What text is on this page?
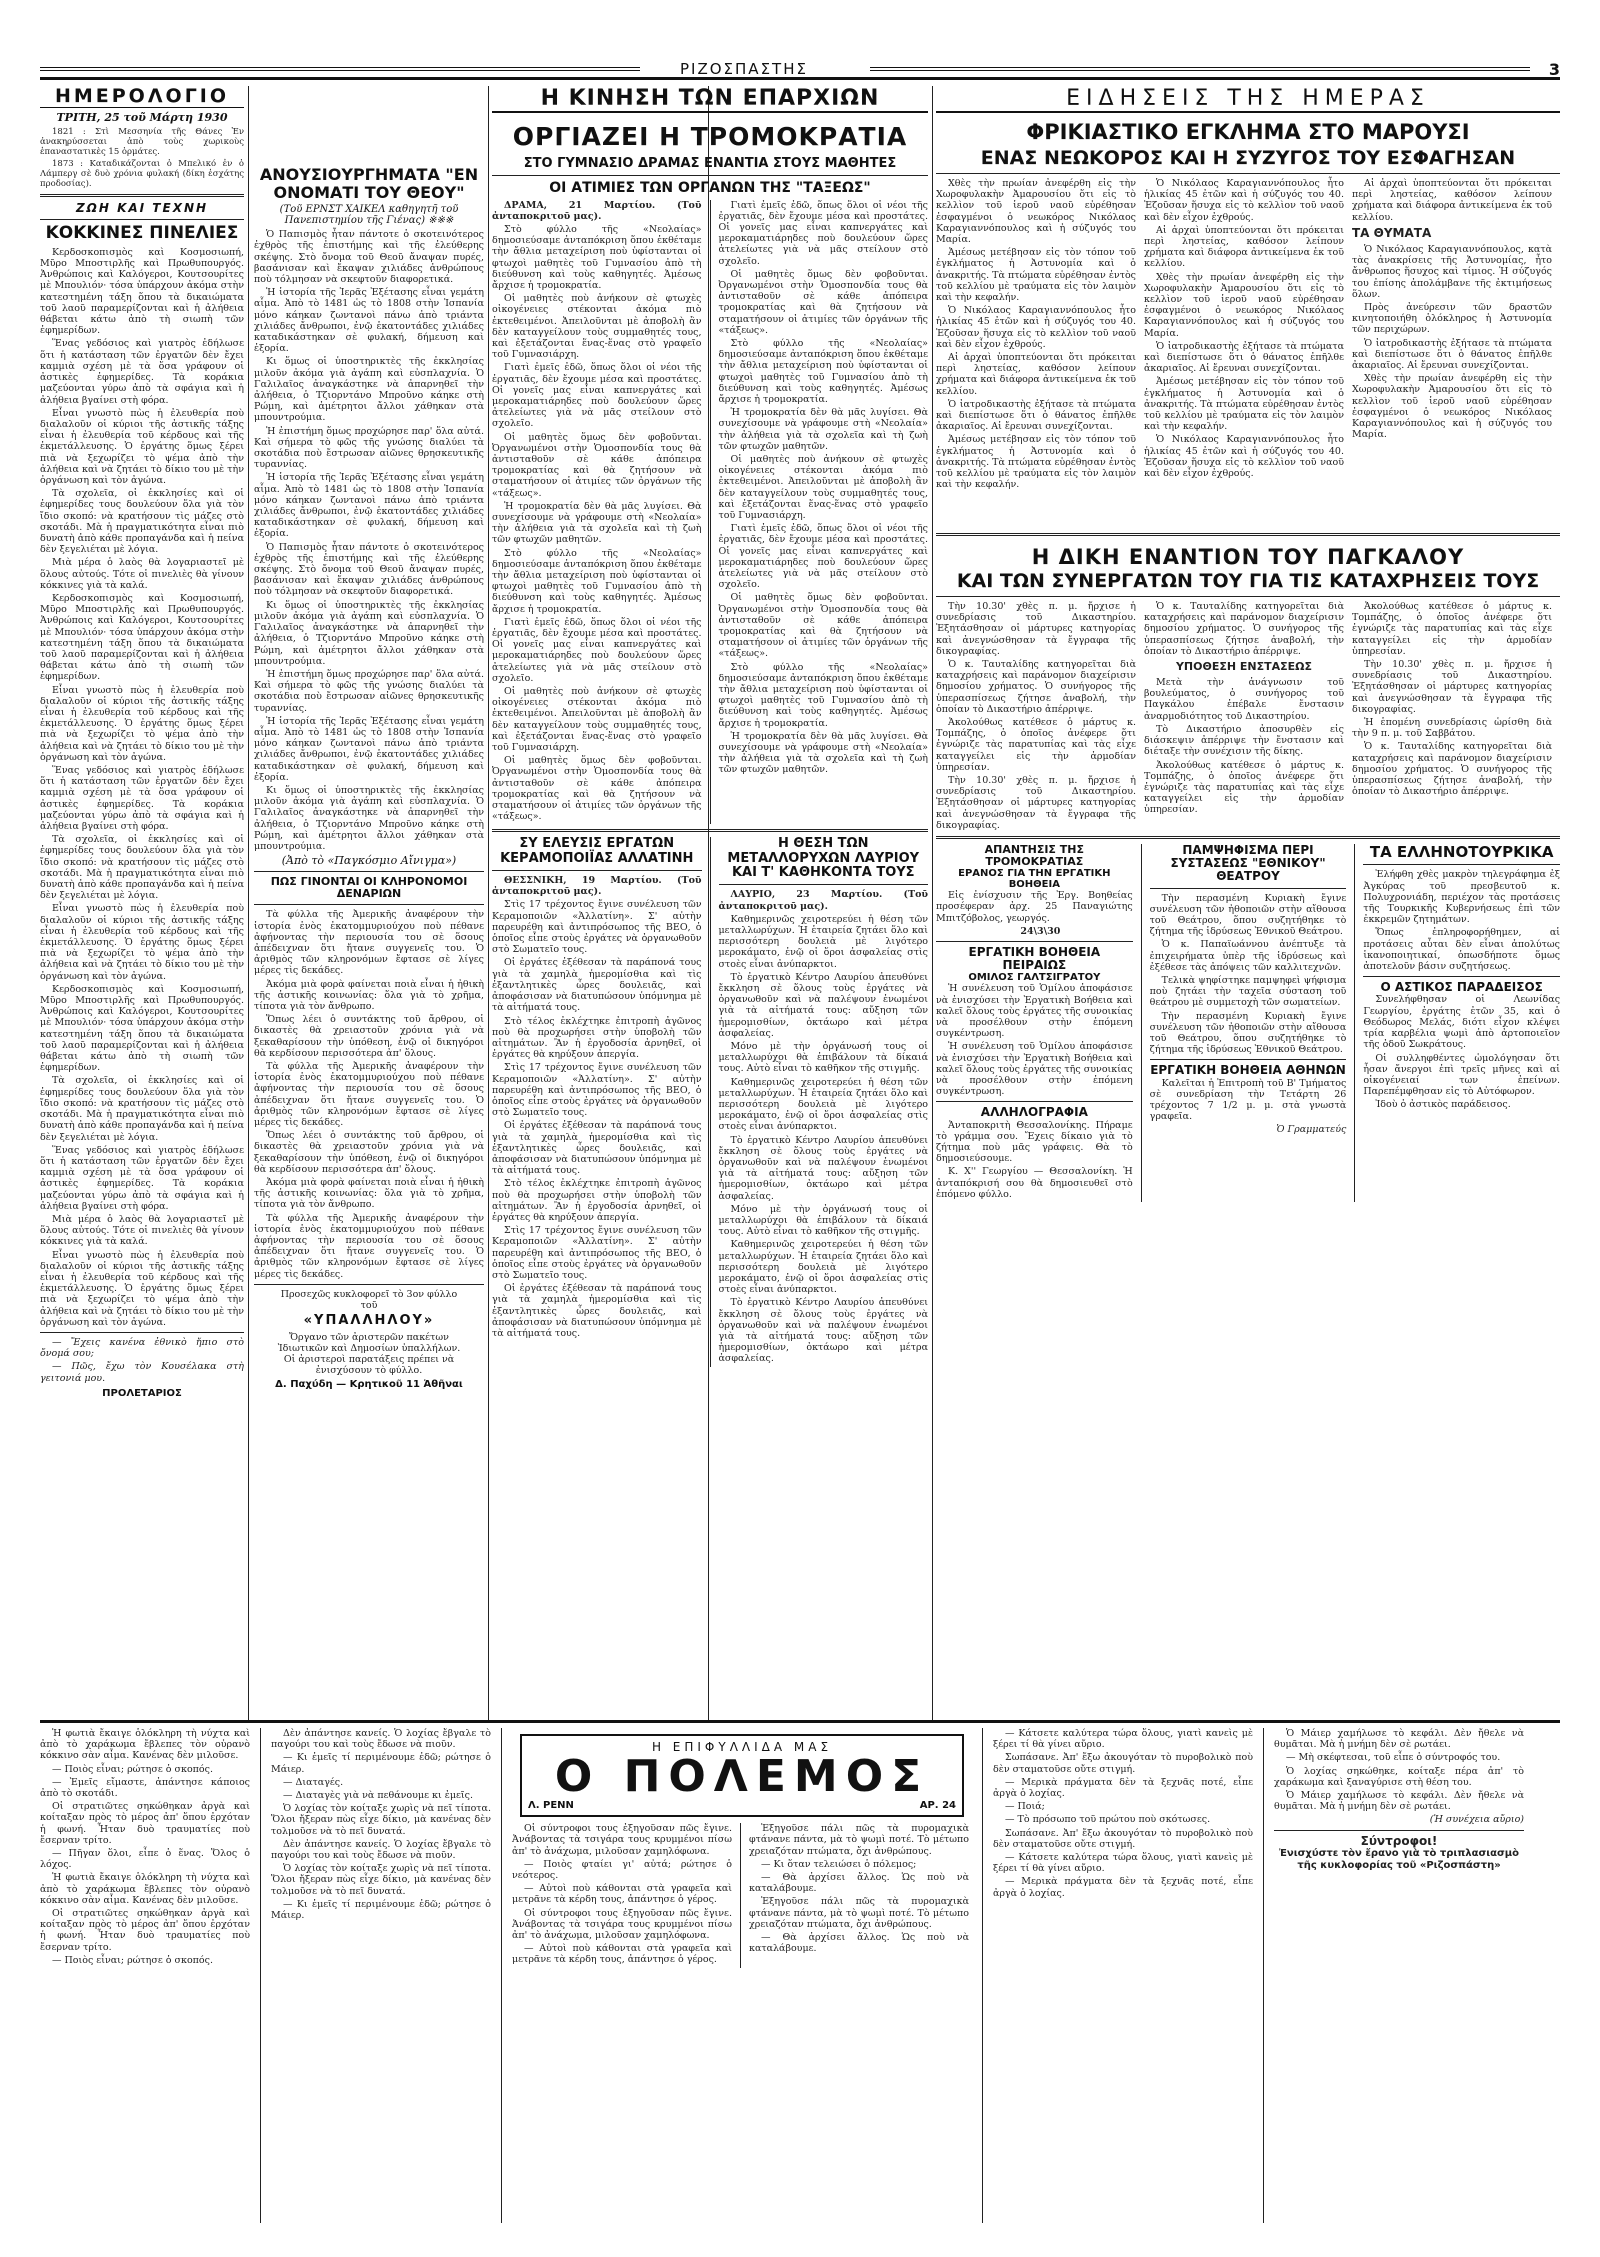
ΡΙΖΟΣΠΑΣΤΗΣ	3
ΗΜΕΡΟΛΟΓΙΟ
ΤΡΙΤΗ, 25 τοῦ Μάρτη 1930

1821 : Στὶ Μεσσηνία τῆς Θάνες Ἐν ἀνακηρύσσεται ἀπὸ τοὺς χωρικοὺς ἐπαναστατικὲς 15 ὁρμάτες.

1873 : Καταδικάζονται ὁ Μπελικό ἐν ὁ Λάμπεργ σὲ δυὸ χρόνια φυλακή (δίκη ἐσχάτης προδοσίας).

ΖΩΗ ΚΑΙ ΤΕΧΝΗ
ΚΟΚΚΙΝΕΣ ΠΙΝΕΛΙΕΣ

Κερδοσκοπισμὸς καὶ Κοσμοσιωπή, Μῦρο Μποστιρλῆς καὶ Πρωθυπουργός. Ἀνθρώποις καὶ Καλόγεροι, Κουτσουρίτες μὲ Μπουλιόν· τόσα ὑπάρχουν ἀκόμα στὴν κατεστημένη τάξη ὅπου τὰ δικαιώματα τοῦ λαοῦ παραμερίζονται καὶ ἡ ἀλήθεια θάβεται κάτω ἀπὸ τὴ σιωπὴ τῶν ἐφημερίδων.

Ἕνας γεδόσιος καὶ γιατρὸς ἐδήλωσε ὅτι ἡ κατάσταση τῶν ἐργατῶν δὲν ἔχει καμμιὰ σχέση μὲ τὰ ὅσα γράφουν οἱ ἀστικὲς ἐφημερίδες. Τὰ κοράκια μαζεύονται γύρω ἀπὸ τὰ σφάγια καὶ ἡ ἀλήθεια βγαίνει στὴ φόρα.

Εἶναι γνωστὸ πὼς ἡ ἐλευθερία ποὺ διαλαλοῦν οἱ κύριοι τῆς ἀστικῆς τάξης εἶναι ἡ ἐλευθερία τοῦ κέρδους καὶ τῆς ἐκμετάλλευσης. Ὁ ἐργάτης ὅμως ξέρει πιὰ νὰ ξεχωρίζει τὸ ψέμα ἀπὸ τὴν ἀλήθεια καὶ νὰ ζητάει τὸ δίκιο του μὲ τὴν ὀργάνωση καὶ τὸν ἀγώνα.

Τὰ σχολεῖα, οἱ ἐκκλησίες καὶ οἱ ἐφημερίδες τους δουλεύουν ὅλα γιὰ τὸν ἴδιο σκοπό: νὰ κρατήσουν τὶς μάζες στὸ σκοτάδι. Μὰ ἡ πραγματικότητα εἶναι πιὸ δυνατὴ ἀπὸ κάθε προπαγάνδα καὶ ἡ πείνα δὲν ξεγελιέται μὲ λόγια.

Μιὰ μέρα ὁ λαὸς θὰ λογαριαστεῖ μὲ ὅλους αὐτούς. Τότε οἱ πινελιὲς θὰ γίνουν κόκκινες γιὰ τὰ καλά.

Κερδοσκοπισμὸς καὶ Κοσμοσιωπή, Μῦρο Μποστιρλῆς καὶ Πρωθυπουργός. Ἀνθρώποις καὶ Καλόγεροι, Κουτσουρίτες μὲ Μπουλιόν· τόσα ὑπάρχουν ἀκόμα στὴν κατεστημένη τάξη ὅπου τὰ δικαιώματα τοῦ λαοῦ παραμερίζονται καὶ ἡ ἀλήθεια θάβεται κάτω ἀπὸ τὴ σιωπὴ τῶν ἐφημερίδων.

Εἶναι γνωστὸ πὼς ἡ ἐλευθερία ποὺ διαλαλοῦν οἱ κύριοι τῆς ἀστικῆς τάξης εἶναι ἡ ἐλευθερία τοῦ κέρδους καὶ τῆς ἐκμετάλλευσης. Ὁ ἐργάτης ὅμως ξέρει πιὰ νὰ ξεχωρίζει τὸ ψέμα ἀπὸ τὴν ἀλήθεια καὶ νὰ ζητάει τὸ δίκιο του μὲ τὴν ὀργάνωση καὶ τὸν ἀγώνα.

Ἕνας γεδόσιος καὶ γιατρὸς ἐδήλωσε ὅτι ἡ κατάσταση τῶν ἐργατῶν δὲν ἔχει καμμιὰ σχέση μὲ τὰ ὅσα γράφουν οἱ ἀστικὲς ἐφημερίδες. Τὰ κοράκια μαζεύονται γύρω ἀπὸ τὰ σφάγια καὶ ἡ ἀλήθεια βγαίνει στὴ φόρα.

Τὰ σχολεῖα, οἱ ἐκκλησίες καὶ οἱ ἐφημερίδες τους δουλεύουν ὅλα γιὰ τὸν ἴδιο σκοπό: νὰ κρατήσουν τὶς μάζες στὸ σκοτάδι. Μὰ ἡ πραγματικότητα εἶναι πιὸ δυνατὴ ἀπὸ κάθε προπαγάνδα καὶ ἡ πείνα δὲν ξεγελιέται μὲ λόγια.

Εἶναι γνωστὸ πὼς ἡ ἐλευθερία ποὺ διαλαλοῦν οἱ κύριοι τῆς ἀστικῆς τάξης εἶναι ἡ ἐλευθερία τοῦ κέρδους καὶ τῆς ἐκμετάλλευσης. Ὁ ἐργάτης ὅμως ξέρει πιὰ νὰ ξεχωρίζει τὸ ψέμα ἀπὸ τὴν ἀλήθεια καὶ νὰ ζητάει τὸ δίκιο του μὲ τὴν ὀργάνωση καὶ τὸν ἀγώνα.

Κερδοσκοπισμὸς καὶ Κοσμοσιωπή, Μῦρο Μποστιρλῆς καὶ Πρωθυπουργός. Ἀνθρώποις καὶ Καλόγεροι, Κουτσουρίτες μὲ Μπουλιόν· τόσα ὑπάρχουν ἀκόμα στὴν κατεστημένη τάξη ὅπου τὰ δικαιώματα τοῦ λαοῦ παραμερίζονται καὶ ἡ ἀλήθεια θάβεται κάτω ἀπὸ τὴ σιωπὴ τῶν ἐφημερίδων.

Τὰ σχολεῖα, οἱ ἐκκλησίες καὶ οἱ ἐφημερίδες τους δουλεύουν ὅλα γιὰ τὸν ἴδιο σκοπό: νὰ κρατήσουν τὶς μάζες στὸ σκοτάδι. Μὰ ἡ πραγματικότητα εἶναι πιὸ δυνατὴ ἀπὸ κάθε προπαγάνδα καὶ ἡ πείνα δὲν ξεγελιέται μὲ λόγια.

Ἕνας γεδόσιος καὶ γιατρὸς ἐδήλωσε ὅτι ἡ κατάσταση τῶν ἐργατῶν δὲν ἔχει καμμιὰ σχέση μὲ τὰ ὅσα γράφουν οἱ ἀστικὲς ἐφημερίδες. Τὰ κοράκια μαζεύονται γύρω ἀπὸ τὰ σφάγια καὶ ἡ ἀλήθεια βγαίνει στὴ φόρα.

Μιὰ μέρα ὁ λαὸς θὰ λογαριαστεῖ μὲ ὅλους αὐτούς. Τότε οἱ πινελιὲς θὰ γίνουν κόκκινες γιὰ τὰ καλά.

Εἶναι γνωστὸ πὼς ἡ ἐλευθερία ποὺ διαλαλοῦν οἱ κύριοι τῆς ἀστικῆς τάξης εἶναι ἡ ἐλευθερία τοῦ κέρδους καὶ τῆς ἐκμετάλλευσης. Ὁ ἐργάτης ὅμως ξέρει πιὰ νὰ ξεχωρίζει τὸ ψέμα ἀπὸ τὴν ἀλήθεια καὶ νὰ ζητάει τὸ δίκιο του μὲ τὴν ὀργάνωση καὶ τὸν ἀγώνα.

— Ἔχεις κανένα ἐθνικὸ ἤπιο στὸ ὄνομά σου;

— Πῶς, ἔχω τὸν Κουσέλακα στὴ γειτονιά μου.

ΠΡΟΛΕΤΑΡΙΟΣ
ΑΝΟΥΣΙΟΥΡΓΗΜΑΤΑ "ΕΝ ΟΝΟΜΑΤΙ ΤΟΥ ΘΕΟΥ"
(Τοῦ ΕΡΝΣΤ ΧΑΙΚΕΛ καθηγητῆ τοῦ Πανεπιστημίου τῆς Γιένας) ※※※

Ὁ Παπισμὸς ἦταν πάντοτε ὁ σκοτεινότερος ἐχθρὸς τῆς ἐπιστήμης καὶ τῆς ἐλεύθερης σκέψης. Στὸ ὄνομα τοῦ Θεοῦ ἄναψαν πυρές, βασάνισαν καὶ ἔκαψαν χιλιάδες ἀνθρώπους ποὺ τόλμησαν νὰ σκεφτοῦν διαφορετικά.

Ἡ ἱστορία τῆς Ἱερᾶς Ἐξέτασης εἶναι γεμάτη αἷμα. Ἀπὸ τὸ 1481 ὡς τὸ 1808 στὴν Ἰσπανία μόνο κάηκαν ζωντανοὶ πάνω ἀπὸ τριάντα χιλιάδες ἄνθρωποι, ἐνῷ ἑκατοντάδες χιλιάδες καταδικάστηκαν σὲ φυλακή, δήμευση καὶ ἐξορία.

Κι ὅμως οἱ ὑποστηρικτὲς τῆς ἐκκλησίας μιλοῦν ἀκόμα γιὰ ἀγάπη καὶ εὐσπλαχνία. Ὁ Γαλιλαῖος ἀναγκάστηκε νὰ ἀπαρνηθεῖ τὴν ἀλήθεια, ὁ Τζιορντάνο Μπροῦνο κάηκε στὴ Ρώμη, καὶ ἀμέτρητοι ἄλλοι χάθηκαν στὰ μπουντρούμια.

Ἡ ἐπιστήμη ὅμως προχώρησε παρ' ὅλα αὐτά. Καὶ σήμερα τὸ φῶς τῆς γνώσης διαλύει τὰ σκοτάδια ποὺ ἔστρωσαν αἰῶνες θρησκευτικῆς τυραννίας.

Ἡ ἱστορία τῆς Ἱερᾶς Ἐξέτασης εἶναι γεμάτη αἷμα. Ἀπὸ τὸ 1481 ὡς τὸ 1808 στὴν Ἰσπανία μόνο κάηκαν ζωντανοὶ πάνω ἀπὸ τριάντα χιλιάδες ἄνθρωποι, ἐνῷ ἑκατοντάδες χιλιάδες καταδικάστηκαν σὲ φυλακή, δήμευση καὶ ἐξορία.

Ὁ Παπισμὸς ἦταν πάντοτε ὁ σκοτεινότερος ἐχθρὸς τῆς ἐπιστήμης καὶ τῆς ἐλεύθερης σκέψης. Στὸ ὄνομα τοῦ Θεοῦ ἄναψαν πυρές, βασάνισαν καὶ ἔκαψαν χιλιάδες ἀνθρώπους ποὺ τόλμησαν νὰ σκεφτοῦν διαφορετικά.

Κι ὅμως οἱ ὑποστηρικτὲς τῆς ἐκκλησίας μιλοῦν ἀκόμα γιὰ ἀγάπη καὶ εὐσπλαχνία. Ὁ Γαλιλαῖος ἀναγκάστηκε νὰ ἀπαρνηθεῖ τὴν ἀλήθεια, ὁ Τζιορντάνο Μπροῦνο κάηκε στὴ Ρώμη, καὶ ἀμέτρητοι ἄλλοι χάθηκαν στὰ μπουντρούμια.

Ἡ ἐπιστήμη ὅμως προχώρησε παρ' ὅλα αὐτά. Καὶ σήμερα τὸ φῶς τῆς γνώσης διαλύει τὰ σκοτάδια ποὺ ἔστρωσαν αἰῶνες θρησκευτικῆς τυραννίας.

Ἡ ἱστορία τῆς Ἱερᾶς Ἐξέτασης εἶναι γεμάτη αἷμα. Ἀπὸ τὸ 1481 ὡς τὸ 1808 στὴν Ἰσπανία μόνο κάηκαν ζωντανοὶ πάνω ἀπὸ τριάντα χιλιάδες ἄνθρωποι, ἐνῷ ἑκατοντάδες χιλιάδες καταδικάστηκαν σὲ φυλακή, δήμευση καὶ ἐξορία.

Κι ὅμως οἱ ὑποστηρικτὲς τῆς ἐκκλησίας μιλοῦν ἀκόμα γιὰ ἀγάπη καὶ εὐσπλαχνία. Ὁ Γαλιλαῖος ἀναγκάστηκε νὰ ἀπαρνηθεῖ τὴν ἀλήθεια, ὁ Τζιορντάνο Μπροῦνο κάηκε στὴ Ρώμη, καὶ ἀμέτρητοι ἄλλοι χάθηκαν στὰ μπουντρούμια.

(Ἀπὸ τὸ «Παγκόσμιο Αἴνιγμα»)
ΠΩΣ ΓΙΝΟΝΤΑΙ ΟΙ ΚΛΗΡΟΝΟΜΟΙ ΔΕΝΑΡΙΩΝ

Τὰ φύλλα τῆς Ἀμερικῆς ἀναφέρουν τὴν ἱστορία ἑνὸς ἐκατομμυριούχου ποὺ πέθανε ἀφήνοντας τὴν περιουσία του σὲ ὅσους ἀπέδειχναν ὅτι ἤτανε συγγενεῖς του. Ὁ ἀριθμὸς τῶν κληρονόμων ἔφτασε σὲ λίγες μέρες τὶς δεκάδες.

Ἀκόμα μιὰ φορὰ φαίνεται ποιὰ εἶναι ἡ ἠθικὴ τῆς ἀστικῆς κοινωνίας: ὅλα γιὰ τὸ χρῆμα, τίποτα γιὰ τὸν ἄνθρωπο.

Ὅπως λέει ὁ συντάκτης τοῦ ἄρθρου, οἱ δικαστὲς θὰ χρειαστοῦν χρόνια γιὰ νὰ ξεκαθαρίσουν τὴν ὑπόθεση, ἐνῷ οἱ δικηγόροι θὰ κερδίσουν περισσότερα ἀπ' ὅλους.

Τὰ φύλλα τῆς Ἀμερικῆς ἀναφέρουν τὴν ἱστορία ἑνὸς ἐκατομμυριούχου ποὺ πέθανε ἀφήνοντας τὴν περιουσία του σὲ ὅσους ἀπέδειχναν ὅτι ἤτανε συγγενεῖς του. Ὁ ἀριθμὸς τῶν κληρονόμων ἔφτασε σὲ λίγες μέρες τὶς δεκάδες.

Ὅπως λέει ὁ συντάκτης τοῦ ἄρθρου, οἱ δικαστὲς θὰ χρειαστοῦν χρόνια γιὰ νὰ ξεκαθαρίσουν τὴν ὑπόθεση, ἐνῷ οἱ δικηγόροι θὰ κερδίσουν περισσότερα ἀπ' ὅλους.

Ἀκόμα μιὰ φορὰ φαίνεται ποιὰ εἶναι ἡ ἠθικὴ τῆς ἀστικῆς κοινωνίας: ὅλα γιὰ τὸ χρῆμα, τίποτα γιὰ τὸν ἄνθρωπο.

Τὰ φύλλα τῆς Ἀμερικῆς ἀναφέρουν τὴν ἱστορία ἑνὸς ἐκατομμυριούχου ποὺ πέθανε ἀφήνοντας τὴν περιουσία του σὲ ὅσους ἀπέδειχναν ὅτι ἤτανε συγγενεῖς του. Ὁ ἀριθμὸς τῶν κληρονόμων ἔφτασε σὲ λίγες μέρες τὶς δεκάδες.

Προσεχῶς κυκλοφορεῖ τὸ 3ον φύλλο τοῦ
«ΥΠΑΛΛΗΛΟΥ»
Ὄργανο τῶν ἀριστερῶν πακέτων Ἰδιωτικῶν καὶ Δημοσίων ὑπαλλήλων. Οἱ ἀριστεροὶ παρατάξεις πρέπει νὰ ἐνισχύσουν τὸ φύλλο.
Δ. Παχύδη — Κρητικοῦ 11 Ἀθῆναι
Η ΚΙΝΗΣΗ ΤΩΝ ΕΠΑΡΧΙΩΝ
ΟΡΓΙΑΖΕΙ Η ΤΡΟΜΟΚΡΑΤΙΑ
ΣΤΟ ΓΥΜΝΑΣΙΟ ΔΡΑΜΑΣ ΕΝΑΝΤΙΑ ΣΤΟΥΣ ΜΑΘΗΤΕΣ
ΟΙ ΑΤΙΜΙΕΣ ΤΩΝ ΟΡΓΑΝΩΝ ΤΗΣ "ΤΑΞΕΩΣ"

ΔΡΑΜΑ, 21 Μαρτίου. (Τοῦ ἀνταποκριτοῦ μας).

Στὸ φύλλο τῆς «Νεολαίας» δημοσιεύσαμε ἀνταπόκριση ὅπου ἐκθέταμε τὴν ἄθλια μεταχείριση ποὺ ὑφίστανται οἱ φτωχοὶ μαθητὲς τοῦ Γυμνασίου ἀπὸ τὴ διεύθυνση καὶ τοὺς καθηγητές. Ἀμέσως ἄρχισε ἡ τρομοκρατία.

Οἱ μαθητὲς ποὺ ἀνήκουν σὲ φτωχὲς οἰκογένειες στέκονται ἀκόμα πιὸ ἐκτεθειμένοι. Ἀπειλοῦνται μὲ ἀποβολὴ ἂν δὲν καταγγείλουν τοὺς συμμαθητές τους, καὶ ἐξετάζονται ἕνας-ἕνας στὸ γραφεῖο τοῦ Γυμνασιάρχη.

Γιατὶ ἐμεῖς ἐδῶ, ὅπως ὅλοι οἱ νέοι τῆς ἐργατιᾶς, δὲν ἔχουμε μέσα καὶ προστάτες. Οἱ γονεῖς μας εἶναι καπνεργάτες καὶ μεροκαματιάρηδες ποὺ δουλεύουν ὥρες ἀτελείωτες γιὰ νὰ μᾶς στείλουν στὸ σχολεῖο.

Οἱ μαθητὲς ὅμως δὲν φοβοῦνται. Ὀργανωμένοι στὴν Ὁμοσπονδία τους θὰ ἀντισταθοῦν σὲ κάθε ἀπόπειρα τρομοκρατίας καὶ θὰ ζητήσουν νὰ σταματήσουν οἱ ἀτιμίες τῶν ὀργάνων τῆς «τάξεως».

Ἡ τρομοκρατία δὲν θὰ μᾶς λυγίσει. Θὰ συνεχίσουμε νὰ γράφουμε στὴ «Νεολαία» τὴν ἀλήθεια γιὰ τὰ σχολεῖα καὶ τὴ ζωὴ τῶν φτωχῶν μαθητῶν.

Στὸ φύλλο τῆς «Νεολαίας» δημοσιεύσαμε ἀνταπόκριση ὅπου ἐκθέταμε τὴν ἄθλια μεταχείριση ποὺ ὑφίστανται οἱ φτωχοὶ μαθητὲς τοῦ Γυμνασίου ἀπὸ τὴ διεύθυνση καὶ τοὺς καθηγητές. Ἀμέσως ἄρχισε ἡ τρομοκρατία.

Γιατὶ ἐμεῖς ἐδῶ, ὅπως ὅλοι οἱ νέοι τῆς ἐργατιᾶς, δὲν ἔχουμε μέσα καὶ προστάτες. Οἱ γονεῖς μας εἶναι καπνεργάτες καὶ μεροκαματιάρηδες ποὺ δουλεύουν ὥρες ἀτελείωτες γιὰ νὰ μᾶς στείλουν στὸ σχολεῖο.

Οἱ μαθητὲς ποὺ ἀνήκουν σὲ φτωχὲς οἰκογένειες στέκονται ἀκόμα πιὸ ἐκτεθειμένοι. Ἀπειλοῦνται μὲ ἀποβολὴ ἂν δὲν καταγγείλουν τοὺς συμμαθητές τους, καὶ ἐξετάζονται ἕνας-ἕνας στὸ γραφεῖο τοῦ Γυμνασιάρχη.

Οἱ μαθητὲς ὅμως δὲν φοβοῦνται. Ὀργανωμένοι στὴν Ὁμοσπονδία τους θὰ ἀντισταθοῦν σὲ κάθε ἀπόπειρα τρομοκρατίας καὶ θὰ ζητήσουν νὰ σταματήσουν οἱ ἀτιμίες τῶν ὀργάνων τῆς «τάξεως».

Γιατὶ ἐμεῖς ἐδῶ, ὅπως ὅλοι οἱ νέοι τῆς ἐργατιᾶς, δὲν ἔχουμε μέσα καὶ προστάτες. Οἱ γονεῖς μας εἶναι καπνεργάτες καὶ μεροκαματιάρηδες ποὺ δουλεύουν ὥρες ἀτελείωτες γιὰ νὰ μᾶς στείλουν στὸ σχολεῖο.

Οἱ μαθητὲς ὅμως δὲν φοβοῦνται. Ὀργανωμένοι στὴν Ὁμοσπονδία τους θὰ ἀντισταθοῦν σὲ κάθε ἀπόπειρα τρομοκρατίας καὶ θὰ ζητήσουν νὰ σταματήσουν οἱ ἀτιμίες τῶν ὀργάνων τῆς «τάξεως».

Στὸ φύλλο τῆς «Νεολαίας» δημοσιεύσαμε ἀνταπόκριση ὅπου ἐκθέταμε τὴν ἄθλια μεταχείριση ποὺ ὑφίστανται οἱ φτωχοὶ μαθητὲς τοῦ Γυμνασίου ἀπὸ τὴ διεύθυνση καὶ τοὺς καθηγητές. Ἀμέσως ἄρχισε ἡ τρομοκρατία.

Ἡ τρομοκρατία δὲν θὰ μᾶς λυγίσει. Θὰ συνεχίσουμε νὰ γράφουμε στὴ «Νεολαία» τὴν ἀλήθεια γιὰ τὰ σχολεῖα καὶ τὴ ζωὴ τῶν φτωχῶν μαθητῶν.

Οἱ μαθητὲς ποὺ ἀνήκουν σὲ φτωχὲς οἰκογένειες στέκονται ἀκόμα πιὸ ἐκτεθειμένοι. Ἀπειλοῦνται μὲ ἀποβολὴ ἂν δὲν καταγγείλουν τοὺς συμμαθητές τους, καὶ ἐξετάζονται ἕνας-ἕνας στὸ γραφεῖο τοῦ Γυμνασιάρχη.

Γιατὶ ἐμεῖς ἐδῶ, ὅπως ὅλοι οἱ νέοι τῆς ἐργατιᾶς, δὲν ἔχουμε μέσα καὶ προστάτες. Οἱ γονεῖς μας εἶναι καπνεργάτες καὶ μεροκαματιάρηδες ποὺ δουλεύουν ὥρες ἀτελείωτες γιὰ νὰ μᾶς στείλουν στὸ σχολεῖο.

Οἱ μαθητὲς ὅμως δὲν φοβοῦνται. Ὀργανωμένοι στὴν Ὁμοσπονδία τους θὰ ἀντισταθοῦν σὲ κάθε ἀπόπειρα τρομοκρατίας καὶ θὰ ζητήσουν νὰ σταματήσουν οἱ ἀτιμίες τῶν ὀργάνων τῆς «τάξεως».

Στὸ φύλλο τῆς «Νεολαίας» δημοσιεύσαμε ἀνταπόκριση ὅπου ἐκθέταμε τὴν ἄθλια μεταχείριση ποὺ ὑφίστανται οἱ φτωχοὶ μαθητὲς τοῦ Γυμνασίου ἀπὸ τὴ διεύθυνση καὶ τοὺς καθηγητές. Ἀμέσως ἄρχισε ἡ τρομοκρατία.

Ἡ τρομοκρατία δὲν θὰ μᾶς λυγίσει. Θὰ συνεχίσουμε νὰ γράφουμε στὴ «Νεολαία» τὴν ἀλήθεια γιὰ τὰ σχολεῖα καὶ τὴ ζωὴ τῶν φτωχῶν μαθητῶν.

ΣΥ ΕΛΕΥΣΙΣ ΕΡΓΑΤΩΝ ΚΕΡΑΜΟΠΟΙΪΑΣ ΑΛΛΑΤΙΝΗ

ΘΕΣΣΝΙΚΗ, 19 Μαρτίου. (Τοῦ ἀνταποκριτοῦ μας).

Στὶς 17 τρέχοντος ἔγινε συνέλευση τῶν Κεραμοποιῶν «Ἀλλατίνη». Σ' αὐτὴν παρευρέθη καὶ ἀντιπρόσωπος τῆς ΒΕΟ, ὁ ὁποῖος εἶπε στοὺς ἐργάτες νὰ ὀργανωθοῦν στὸ Σωματεῖο τους.

Οἱ ἐργάτες ἐξέθεσαν τὰ παράπονά τους γιὰ τὰ χαμηλὰ ἡμερομίσθια καὶ τὶς ἐξαντλητικὲς ὧρες δουλειᾶς, καὶ ἀποφάσισαν νὰ διατυπώσουν ὑπόμνημα μὲ τὰ αἰτήματά τους.

Στὸ τέλος ἐκλέχτηκε ἐπιτροπὴ ἀγῶνος ποὺ θὰ προχωρήσει στὴν ὑποβολὴ τῶν αἰτημάτων. Ἂν ἡ ἐργοδοσία ἀρνηθεῖ, οἱ ἐργάτες θὰ κηρύξουν ἀπεργία.

Στὶς 17 τρέχοντος ἔγινε συνέλευση τῶν Κεραμοποιῶν «Ἀλλατίνη». Σ' αὐτὴν παρευρέθη καὶ ἀντιπρόσωπος τῆς ΒΕΟ, ὁ ὁποῖος εἶπε στοὺς ἐργάτες νὰ ὀργανωθοῦν στὸ Σωματεῖο τους.

Οἱ ἐργάτες ἐξέθεσαν τὰ παράπονά τους γιὰ τὰ χαμηλὰ ἡμερομίσθια καὶ τὶς ἐξαντλητικὲς ὧρες δουλειᾶς, καὶ ἀποφάσισαν νὰ διατυπώσουν ὑπόμνημα μὲ τὰ αἰτήματά τους.

Στὸ τέλος ἐκλέχτηκε ἐπιτροπὴ ἀγῶνος ποὺ θὰ προχωρήσει στὴν ὑποβολὴ τῶν αἰτημάτων. Ἂν ἡ ἐργοδοσία ἀρνηθεῖ, οἱ ἐργάτες θὰ κηρύξουν ἀπεργία.

Στὶς 17 τρέχοντος ἔγινε συνέλευση τῶν Κεραμοποιῶν «Ἀλλατίνη». Σ' αὐτὴν παρευρέθη καὶ ἀντιπρόσωπος τῆς ΒΕΟ, ὁ ὁποῖος εἶπε στοὺς ἐργάτες νὰ ὀργανωθοῦν στὸ Σωματεῖο τους.

Οἱ ἐργάτες ἐξέθεσαν τὰ παράπονά τους γιὰ τὰ χαμηλὰ ἡμερομίσθια καὶ τὶς ἐξαντλητικὲς ὧρες δουλειᾶς, καὶ ἀποφάσισαν νὰ διατυπώσουν ὑπόμνημα μὲ τὰ αἰτήματά τους.

Η ΘΕΣΗ ΤΩΝ ΜΕΤΑΛΛΟΡΥΧΩΝ ΛΑΥΡΙΟΥ ΚΑΙ Τ' ΚΑΘΗΚΟΝΤΑ ΤΟΥΣ

ΛΑΥΡΙΟ, 23 Μαρτίου. (Τοῦ ἀνταποκριτοῦ μας).

Καθημερινῶς χειροτερεύει ἡ θέση τῶν μεταλλωρύχων. Ἡ ἑταιρεία ζητάει ὅλο καὶ περισσότερη δουλειὰ μὲ λιγότερο μεροκάματο, ἐνῷ οἱ ὅροι ἀσφαλείας στὶς στοὲς εἶναι ἀνύπαρκτοι.

Τὸ ἐργατικὸ Κέντρο Λαυρίου ἀπευθύνει ἔκκληση σὲ ὅλους τοὺς ἐργάτες νὰ ὀργανωθοῦν καὶ νὰ παλέψουν ἑνωμένοι γιὰ τὰ αἰτήματά τους: αὔξηση τῶν ἡμερομισθίων, ὀκτάωρο καὶ μέτρα ἀσφαλείας.

Μόνο μὲ τὴν ὀργάνωσή τους οἱ μεταλλωρύχοι θὰ ἐπιβάλουν τὰ δίκαιά τους. Αὐτὸ εἶναι τὸ καθῆκον τῆς στιγμῆς.

Καθημερινῶς χειροτερεύει ἡ θέση τῶν μεταλλωρύχων. Ἡ ἑταιρεία ζητάει ὅλο καὶ περισσότερη δουλειὰ μὲ λιγότερο μεροκάματο, ἐνῷ οἱ ὅροι ἀσφαλείας στὶς στοὲς εἶναι ἀνύπαρκτοι.

Τὸ ἐργατικὸ Κέντρο Λαυρίου ἀπευθύνει ἔκκληση σὲ ὅλους τοὺς ἐργάτες νὰ ὀργανωθοῦν καὶ νὰ παλέψουν ἑνωμένοι γιὰ τὰ αἰτήματά τους: αὔξηση τῶν ἡμερομισθίων, ὀκτάωρο καὶ μέτρα ἀσφαλείας.

Μόνο μὲ τὴν ὀργάνωσή τους οἱ μεταλλωρύχοι θὰ ἐπιβάλουν τὰ δίκαιά τους. Αὐτὸ εἶναι τὸ καθῆκον τῆς στιγμῆς.

Καθημερινῶς χειροτερεύει ἡ θέση τῶν μεταλλωρύχων. Ἡ ἑταιρεία ζητάει ὅλο καὶ περισσότερη δουλειὰ μὲ λιγότερο μεροκάματο, ἐνῷ οἱ ὅροι ἀσφαλείας στὶς στοὲς εἶναι ἀνύπαρκτοι.

Τὸ ἐργατικὸ Κέντρο Λαυρίου ἀπευθύνει ἔκκληση σὲ ὅλους τοὺς ἐργάτες νὰ ὀργανωθοῦν καὶ νὰ παλέψουν ἑνωμένοι γιὰ τὰ αἰτήματά τους: αὔξηση τῶν ἡμερομισθίων, ὀκτάωρο καὶ μέτρα ἀσφαλείας.

ΕΙΔΗΣΕΙΣ ΤΗΣ ΗΜΕΡΑΣ
ΦΡΙΚΙΑΣΤΙΚΟ ΕΓΚΛΗΜΑ ΣΤΟ ΜΑΡΟΥΣΙ
ΕΝΑΣ ΝΕΩΚΟΡΟΣ ΚΑΙ Η ΣΥΖΥΓΟΣ ΤΟΥ ΕΣΦΑΓΗΣΑΝ

Χθὲς τὴν πρωίαν ἀνεφέρθη εἰς τὴν Χωροφυλακὴν Ἀμαρουσίου ὅτι εἰς τὸ κελλὶον τοῦ ἱεροῦ ναοῦ εὑρέθησαν ἐσφαγμένοι ὁ νεωκόρος Νικόλαος Καραγιαννόπουλος καὶ ἡ σύζυγός του Μαρία.

Ἀμέσως μετέβησαν εἰς τὸν τόπον τοῦ ἐγκλήματος ἡ Ἀστυνομία καὶ ὁ ἀνακριτής. Τὰ πτώματα εὑρέθησαν ἐντὸς τοῦ κελλίου μὲ τραύματα εἰς τὸν λαιμὸν καὶ τὴν κεφαλήν.

Ὁ Νικόλαος Καραγιαννόπουλος ἦτο ἡλικίας 45 ἐτῶν καὶ ἡ σύζυγός του 40. Ἐζοῦσαν ἥσυχα εἰς τὸ κελλὶον τοῦ ναοῦ καὶ δὲν εἶχον ἐχθρούς.

Αἱ ἀρχαὶ ὑποπτεύονται ὅτι πρόκειται περὶ ληστείας, καθόσον λείπουν χρήματα καὶ διάφορα ἀντικείμενα ἐκ τοῦ κελλίου.

Ὁ ἰατροδικαστὴς ἐξήτασε τὰ πτώματα καὶ διεπίστωσε ὅτι ὁ θάνατος ἐπῆλθε ἀκαριαῖος. Αἱ ἔρευναι συνεχίζονται.

Ἀμέσως μετέβησαν εἰς τὸν τόπον τοῦ ἐγκλήματος ἡ Ἀστυνομία καὶ ὁ ἀνακριτής. Τὰ πτώματα εὑρέθησαν ἐντὸς τοῦ κελλίου μὲ τραύματα εἰς τὸν λαιμὸν καὶ τὴν κεφαλήν.

Ὁ Νικόλαος Καραγιαννόπουλος ἦτο ἡλικίας 45 ἐτῶν καὶ ἡ σύζυγός του 40. Ἐζοῦσαν ἥσυχα εἰς τὸ κελλὶον τοῦ ναοῦ καὶ δὲν εἶχον ἐχθρούς.

Αἱ ἀρχαὶ ὑποπτεύονται ὅτι πρόκειται περὶ ληστείας, καθόσον λείπουν χρήματα καὶ διάφορα ἀντικείμενα ἐκ τοῦ κελλίου.

Χθὲς τὴν πρωίαν ἀνεφέρθη εἰς τὴν Χωροφυλακὴν Ἀμαρουσίου ὅτι εἰς τὸ κελλὶον τοῦ ἱεροῦ ναοῦ εὑρέθησαν ἐσφαγμένοι ὁ νεωκόρος Νικόλαος Καραγιαννόπουλος καὶ ἡ σύζυγός του Μαρία.

Ὁ ἰατροδικαστὴς ἐξήτασε τὰ πτώματα καὶ διεπίστωσε ὅτι ὁ θάνατος ἐπῆλθε ἀκαριαῖος. Αἱ ἔρευναι συνεχίζονται.

Ἀμέσως μετέβησαν εἰς τὸν τόπον τοῦ ἐγκλήματος ἡ Ἀστυνομία καὶ ὁ ἀνακριτής. Τὰ πτώματα εὑρέθησαν ἐντὸς τοῦ κελλίου μὲ τραύματα εἰς τὸν λαιμὸν καὶ τὴν κεφαλήν.

Ὁ Νικόλαος Καραγιαννόπουλος ἦτο ἡλικίας 45 ἐτῶν καὶ ἡ σύζυγός του 40. Ἐζοῦσαν ἥσυχα εἰς τὸ κελλὶον τοῦ ναοῦ καὶ δὲν εἶχον ἐχθρούς.

Αἱ ἀρχαὶ ὑποπτεύονται ὅτι πρόκειται περὶ ληστείας, καθόσον λείπουν χρήματα καὶ διάφορα ἀντικείμενα ἐκ τοῦ κελλίου.

ΤΑ ΘΥΜΑΤΑ

Ὁ Νικόλαος Καραγιαννόπουλος, κατὰ τὰς ἀνακρίσεις τῆς Ἀστυνομίας, ἦτο ἄνθρωπος ἥσυχος καὶ τίμιος. Ἡ σύζυγός του ἐπίσης ἀπολάμβανε τῆς ἐκτιμήσεως ὅλων.

Πρὸς ἀνεύρεσιν τῶν δραστῶν κινητοποιήθη ὁλόκληρος ἡ Ἀστυνομία τῶν περιχώρων.

Ὁ ἰατροδικαστὴς ἐξήτασε τὰ πτώματα καὶ διεπίστωσε ὅτι ὁ θάνατος ἐπῆλθε ἀκαριαῖος. Αἱ ἔρευναι συνεχίζονται.

Χθὲς τὴν πρωίαν ἀνεφέρθη εἰς τὴν Χωροφυλακὴν Ἀμαρουσίου ὅτι εἰς τὸ κελλὶον τοῦ ἱεροῦ ναοῦ εὑρέθησαν ἐσφαγμένοι ὁ νεωκόρος Νικόλαος Καραγιαννόπουλος καὶ ἡ σύζυγός του Μαρία.

Η ΔΙΚΗ ΕΝΑΝΤΙΟΝ ΤΟΥ ΠΑΓΚΑΛΟΥ
ΚΑΙ ΤΩΝ ΣΥΝΕΡΓΑΤΩΝ ΤΟΥ ΓΙΑ ΤΙΣ ΚΑΤΑΧΡΗΣΕΙΣ ΤΟΥΣ

Τὴν 10.30' χθὲς π. μ. ἤρχισε ἡ συνεδρίασις τοῦ Δικαστηρίου. Ἐξητάσθησαν οἱ μάρτυρες κατηγορίας καὶ ἀνεγνώσθησαν τὰ ἔγγραφα τῆς δικογραφίας.

Ὁ κ. Ταυταλίδης κατηγορεῖται διὰ καταχρήσεις καὶ παράνομον διαχείρισιν δημοσίου χρήματος. Ὁ συνήγορος τῆς ὑπερασπίσεως ζήτησε ἀναβολή, τὴν ὁποίαν τὸ Δικαστήριο ἀπέρριψε.

Ἀκολούθως κατέθεσε ὁ μάρτυς κ. Τομπάζης, ὁ ὁποῖος ἀνέφερε ὅτι ἐγνώριζε τὰς παρατυπίας καὶ τὰς εἶχε καταγγείλει εἰς τὴν ἁρμοδίαν ὑπηρεσίαν.

Τὴν 10.30' χθὲς π. μ. ἤρχισε ἡ συνεδρίασις τοῦ Δικαστηρίου. Ἐξητάσθησαν οἱ μάρτυρες κατηγορίας καὶ ἀνεγνώσθησαν τὰ ἔγγραφα τῆς δικογραφίας.

Ὁ κ. Ταυταλίδης κατηγορεῖται διὰ καταχρήσεις καὶ παράνομον διαχείρισιν δημοσίου χρήματος. Ὁ συνήγορος τῆς ὑπερασπίσεως ζήτησε ἀναβολή, τὴν ὁποίαν τὸ Δικαστήριο ἀπέρριψε.

ΥΠΟΘΕΣΗ ΕΝΣΤΑΣΕΩΣ

Μετὰ τὴν ἀνάγνωσιν τοῦ βουλεύματος, ὁ συνήγορος τοῦ Παγκάλου ἐπέβαλε ἔνστασιν ἀναρμοδιότητος τοῦ Δικαστηρίου.

Τὸ Δικαστήριο ἀποσυρθὲν εἰς διάσκεψιν ἀπέρριψε τὴν ἔνστασιν καὶ διέταξε τὴν συνέχισιν τῆς δίκης.

Ἀκολούθως κατέθεσε ὁ μάρτυς κ. Τομπάζης, ὁ ὁποῖος ἀνέφερε ὅτι ἐγνώριζε τὰς παρατυπίας καὶ τὰς εἶχε καταγγείλει εἰς τὴν ἁρμοδίαν ὑπηρεσίαν.

Ἀκολούθως κατέθεσε ὁ μάρτυς κ. Τομπάζης, ὁ ὁποῖος ἀνέφερε ὅτι ἐγνώριζε τὰς παρατυπίας καὶ τὰς εἶχε καταγγείλει εἰς τὴν ἁρμοδίαν ὑπηρεσίαν.

Τὴν 10.30' χθὲς π. μ. ἤρχισε ἡ συνεδρίασις τοῦ Δικαστηρίου. Ἐξητάσθησαν οἱ μάρτυρες κατηγορίας καὶ ἀνεγνώσθησαν τὰ ἔγγραφα τῆς δικογραφίας.

Ἡ ἑπομένη συνεδρίασις ὡρίσθη διὰ τὴν 9 π. μ. τοῦ Σαββάτου.

Ὁ κ. Ταυταλίδης κατηγορεῖται διὰ καταχρήσεις καὶ παράνομον διαχείρισιν δημοσίου χρήματος. Ὁ συνήγορος τῆς ὑπερασπίσεως ζήτησε ἀναβολή, τὴν ὁποίαν τὸ Δικαστήριο ἀπέρριψε.

ΑΠΑΝΤΗΣΙΣ ΤΗΣ ΤΡΟΜΟΚΡΑΤΙΑΣ
ΕΡΑΝΟΣ ΓΙΑ ΤΗΝ ΕΡΓΑΤΙΚΗ ΒΟΗΘΕΙΑ

Εἰς ἐνίσχυσιν τῆς Ἐργ. Βοηθείας προσέφεραν ἀρχ. 25 Παναγιώτης Μπιτζόβολος, γεωργός.

24\3\30

ΕΡΓΑΤΙΚΗ ΒΟΗΘΕΙΑ ΠΕΙΡΑΙΩΣ
ΟΜΙΛΟΣ ΓΑΛΤΣΙΓΡΑΤΟΥ

Ἡ συνέλευση τοῦ Ὁμίλου ἀποφάσισε νὰ ἐνισχύσει τὴν Ἐργατικὴ Βοήθεια καὶ καλεῖ ὅλους τοὺς ἐργάτες τῆς συνοικίας νὰ προσέλθουν στὴν ἐπόμενη συγκέντρωση.

Ἡ συνέλευση τοῦ Ὁμίλου ἀποφάσισε νὰ ἐνισχύσει τὴν Ἐργατικὴ Βοήθεια καὶ καλεῖ ὅλους τοὺς ἐργάτες τῆς συνοικίας νὰ προσέλθουν στὴν ἐπόμενη συγκέντρωση.

ΑΛΛΗΛΟΓΡΑΦΙΑ

Ἀνταποκριτὴ Θεσσαλονίκης. Πήραμε τὸ γράμμα σου. Ἔχεις δίκαιο γιὰ τὸ ζήτημα ποὺ μᾶς γράφεις. Θὰ τὸ δημοσιεύσουμε.

Κ. Χ'' Γεωργίου — Θεσσαλονίκη. Ἡ ἀνταπόκρισή σου θὰ δημοσιευθεῖ στὸ ἑπόμενο φύλλο.

ΠΑΜΨΗΦΙΣΜΑ ΠΕΡΙ ΣΥΣΤΑΣΕΩΣ "ΕΘΝΙΚΟΥ" ΘΕΑΤΡΟΥ

Τὴν περασμένη Κυριακὴ ἔγινε συνέλευση τῶν ἠθοποιῶν στὴν αἴθουσα τοῦ Θεάτρου, ὅπου συζητήθηκε τὸ ζήτημα τῆς ἱδρύσεως Ἐθνικοῦ Θεάτρου.

Ὁ κ. Παπαϊωάννου ἀνέπτυξε τὰ ἐπιχειρήματα ὑπὲρ τῆς ἱδρύσεως καὶ ἐξέθεσε τὰς ἀπόψεις τῶν καλλιτεχνῶν.

Τελικὰ ψηφίστηκε παμψηφεὶ ψήφισμα ποὺ ζητάει τὴν ταχεῖα σύσταση τοῦ θεάτρου μὲ συμμετοχὴ τῶν σωματείων.

Τὴν περασμένη Κυριακὴ ἔγινε συνέλευση τῶν ἠθοποιῶν στὴν αἴθουσα τοῦ Θεάτρου, ὅπου συζητήθηκε τὸ ζήτημα τῆς ἱδρύσεως Ἐθνικοῦ Θεάτρου.

ΕΡΓΑΤΙΚΗ ΒΟΗΘΕΙΑ ΑΘΗΝΩΝ

Καλεῖται ἡ Ἐπιτροπὴ τοῦ Β' Τμήματος σὲ συνεδρίαση τὴν Τετάρτη 26 τρέχοντος 7 1/2 μ. μ. στὰ γνωστὰ γραφεῖα.

Ὁ Γραμματεύς

ΤΑ ΕΛΛΗΝΟΤΟΥΡΚΙΚΑ

Ἐλήφθη χθὲς μακρὸν τηλεγράφημα ἐξ Ἀγκύρας τοῦ πρεσβευτοῦ κ. Πολυχρονιάδη, περιέχον τὰς προτάσεις τῆς Τουρκικῆς Κυβερνήσεως ἐπὶ τῶν ἐκκρεμῶν ζητημάτων.

Ὅπως ἐπληροφορήθημεν, αἱ προτάσεις αὗται δὲν εἶναι ἀπολύτως ἱκανοποιητικαί, ὁπωσδήποτε ὅμως ἀποτελοῦν βάσιν συζητήσεως.

Ο ΑΣΤΙΚΟΣ ΠΑΡΑΔΕΙΣΟΣ

Συνελήφθησαν οἱ Λεωνίδας Γεωργίου, ἐργάτης ἐτῶν 35, καὶ ὁ Θεόδωρος Μελάς, διότι εἶχον κλέψει τρία καρβέλια ψωμὶ ἀπὸ ἀρτοποιεῖον τῆς ὁδοῦ Σωκράτους.

Οἱ συλληφθέντες ὡμολόγησαν ὅτι ἦσαν ἄνεργοι ἐπὶ τρεῖς μῆνες καὶ αἱ οἰκογένειαί των ἐπείνων. Παρεπέμφθησαν εἰς τὸ Αὐτόφωρον.

Ἰδοὺ ὁ ἀστικὸς παράδεισος.

Ἡ φωτιὰ ἔκαιγε ὁλόκληρη τὴ νύχτα καὶ ἀπὸ τὸ χαράκωμα ἔβλεπες τὸν οὐρανὸ κόκκινο σὰν αἷμα. Κανένας δὲν μιλοῦσε.

— Ποιὸς εἶναι; ρώτησε ὁ σκοπός.

— Ἐμεῖς εἴμαστε, ἀπάντησε κάποιος ἀπὸ τὸ σκοτάδι.

Οἱ στρατιῶτες σηκώθηκαν ἀργὰ καὶ κοίταξαν πρὸς τὸ μέρος ἀπ' ὅπου ἐρχόταν ἡ φωνή. Ἦταν δυὸ τραυματίες ποὺ ἔσερναν τρίτο.

— Πῆγαν ὅλοι, εἶπε ὁ ἕνας. Ὅλος ὁ λόχος.

Ἡ φωτιὰ ἔκαιγε ὁλόκληρη τὴ νύχτα καὶ ἀπὸ τὸ χαράκωμα ἔβλεπες τὸν οὐρανὸ κόκκινο σὰν αἷμα. Κανένας δὲν μιλοῦσε.

Οἱ στρατιῶτες σηκώθηκαν ἀργὰ καὶ κοίταξαν πρὸς τὸ μέρος ἀπ' ὅπου ἐρχόταν ἡ φωνή. Ἦταν δυὸ τραυματίες ποὺ ἔσερναν τρίτο.

— Ποιὸς εἶναι; ρώτησε ὁ σκοπός.

Δὲν ἀπάντησε κανείς. Ὁ λοχίας ἔβγαλε τὸ παγούρι του καὶ τοὺς ἔδωσε νὰ πιοῦν.

— Κι ἐμεῖς τί περιμένουμε ἐδῶ; ρώτησε ὁ Μάιερ.

— Διαταγές.

— Διαταγὲς γιὰ νὰ πεθάνουμε κι ἐμεῖς.

Ὁ λοχίας τὸν κοίταξε χωρὶς νὰ πεῖ τίποτα. Ὅλοι ἤξεραν πὼς εἶχε δίκιο, μὰ κανένας δὲν τολμοῦσε νὰ τὸ πεῖ δυνατά.

Δὲν ἀπάντησε κανείς. Ὁ λοχίας ἔβγαλε τὸ παγούρι του καὶ τοὺς ἔδωσε νὰ πιοῦν.

Ὁ λοχίας τὸν κοίταξε χωρὶς νὰ πεῖ τίποτα. Ὅλοι ἤξεραν πὼς εἶχε δίκιο, μὰ κανένας δὲν τολμοῦσε νὰ τὸ πεῖ δυνατά.

— Κι ἐμεῖς τί περιμένουμε ἐδῶ; ρώτησε ὁ Μάιερ.

Η ΕΠΙΦΥΛΛΙΔΑ ΜΑΣ
Ο ΠΟΛΕΜΟΣ
Λ. ΡΕΝΝ	ΑΡ. 24

Οἱ σύντροφοι τους ἐξηγοῦσαν πῶς ἔγινε. Ἀνάβοντας τὰ τσιγάρα τους κρυμμένοι πίσω ἀπ' τὸ ἀνάχωμα, μιλοῦσαν χαμηλόφωνα.

— Ποιὸς φταίει γι' αὐτά; ρώτησε ὁ νεότερος.

— Αὐτοὶ ποὺ κάθονται στὰ γραφεῖα καὶ μετρᾶνε τὰ κέρδη τους, ἀπάντησε ὁ γέρος.

Οἱ σύντροφοι τους ἐξηγοῦσαν πῶς ἔγινε. Ἀνάβοντας τὰ τσιγάρα τους κρυμμένοι πίσω ἀπ' τὸ ἀνάχωμα, μιλοῦσαν χαμηλόφωνα.

— Αὐτοὶ ποὺ κάθονται στὰ γραφεῖα καὶ μετρᾶνε τὰ κέρδη τους, ἀπάντησε ὁ γέρος.

Ἐξηγοῦσε πάλι πῶς τὰ πυρομαχικὰ φτάνανε πάντα, μὰ τὸ ψωμὶ ποτέ. Τὸ μέτωπο χρειαζόταν πτώματα, ὄχι ἀνθρώπους.

— Κι ὅταν τελειώσει ὁ πόλεμος;

— Θὰ ἀρχίσει ἄλλος. Ὡς ποὺ νὰ καταλάβουμε.

Ἐξηγοῦσε πάλι πῶς τὰ πυρομαχικὰ φτάνανε πάντα, μὰ τὸ ψωμὶ ποτέ. Τὸ μέτωπο χρειαζόταν πτώματα, ὄχι ἀνθρώπους.

— Θὰ ἀρχίσει ἄλλος. Ὡς ποὺ νὰ καταλάβουμε.

— Κάτσετε καλύτερα τώρα ὅλους, γιατὶ κανεὶς μὲ ξέρει τί θὰ γίνει αὔριο.

Σωπάσανε. Ἀπ' ἔξω ἀκουγόταν τὸ πυροβολικὸ ποὺ δὲν σταματοῦσε οὔτε στιγμή.

— Μερικὰ πράγματα δὲν τὰ ξεχνᾶς ποτέ, εἶπε ἀργὰ ὁ λοχίας.

— Ποιά;

— Τὸ πρόσωπο τοῦ πρώτου ποὺ σκότωσες.

Σωπάσανε. Ἀπ' ἔξω ἀκουγόταν τὸ πυροβολικὸ ποὺ δὲν σταματοῦσε οὔτε στιγμή.

— Κάτσετε καλύτερα τώρα ὅλους, γιατὶ κανεὶς μὲ ξέρει τί θὰ γίνει αὔριο.

— Μερικὰ πράγματα δὲν τὰ ξεχνᾶς ποτέ, εἶπε ἀργὰ ὁ λοχίας.

Ὁ Μάιερ χαμήλωσε τὸ κεφάλι. Δὲν ἤθελε νὰ θυμᾶται. Μὰ ἡ μνήμη δὲν σὲ ρωτάει.

— Μὴ σκέφτεσαι, τοῦ εἶπε ὁ σύντροφός του.

Ὁ λοχίας σηκώθηκε, κοίταξε πέρα ἀπ' τὸ χαράκωμα καὶ ξαναγύρισε στὴ θέση του.

Ὁ Μάιερ χαμήλωσε τὸ κεφάλι. Δὲν ἤθελε νὰ θυμᾶται. Μὰ ἡ μνήμη δὲν σὲ ρωτάει.

(Ἡ συνέχεια αὔριο)

Σύντροφοι!
Ἐνισχύστε τὸν ἔρανο γιὰ τὸ τριπλασιασμὸ τῆς κυκλοφορίας τοῦ «Ριζοσπάστη»
